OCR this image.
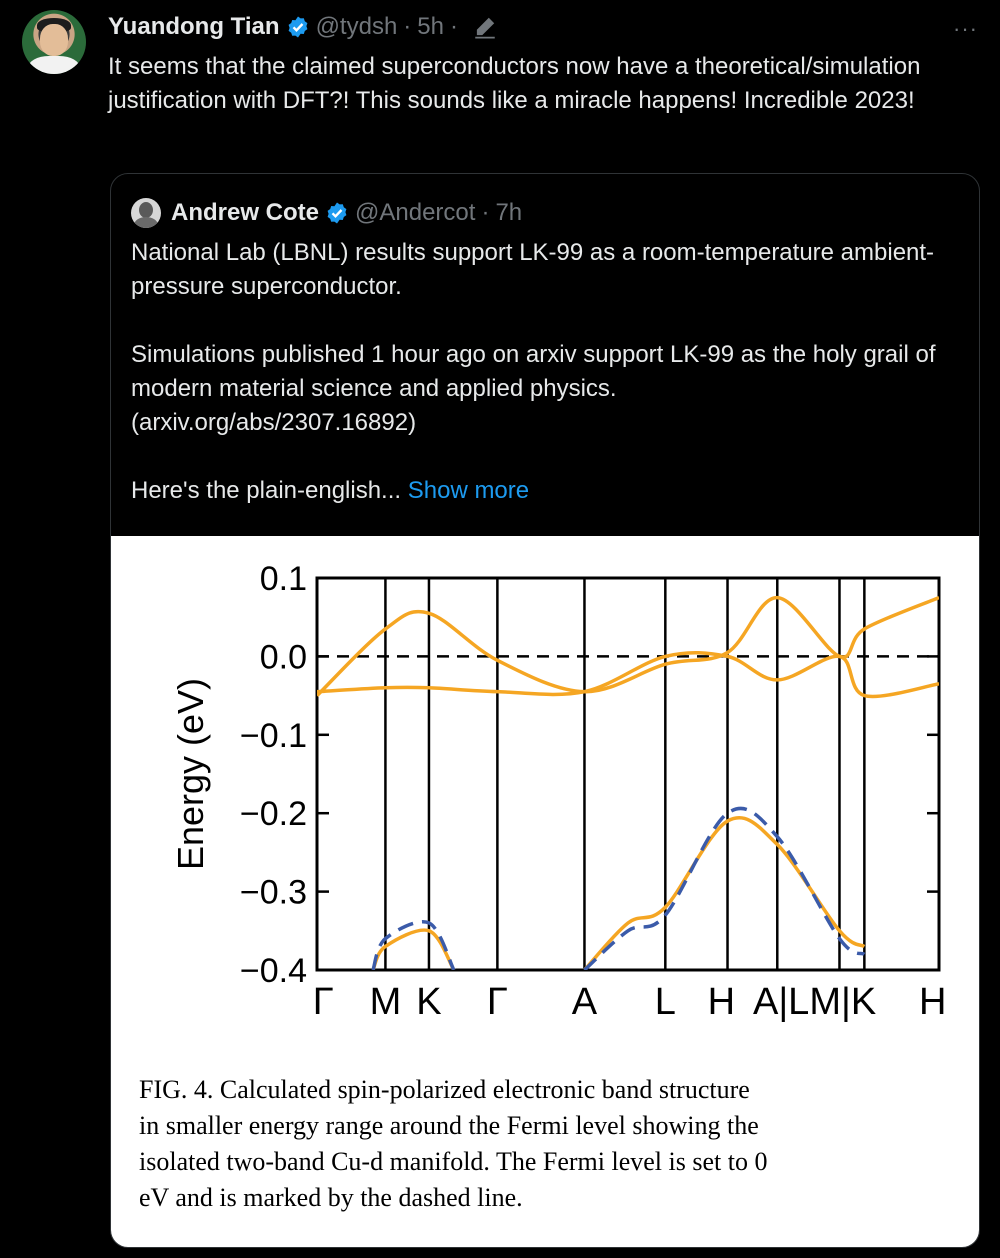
Yuandong Tian @tydsh · 5h ·	···
It seems that the claimed superconductors now have a theoretical/simulation justification with DFT?! This sounds like a miracle happens! Incredible 2023!
Andrew Cote @Andercot · 7h
National Lab (LBNL) results support LK-99 as a room-temperature ambient-pressure superconductor.

Simulations published 1 hour ago on arxiv support LK-99 as the holy grail of modern material science and applied physics.
(arxiv.org/abs/2307.16892)

Here's the plain-english... Show more
0.1
0.0
−0.1
−0.2
−0.3
−0.4
Energy (eV)
Γ M K Γ A L H A|LM|K H
FIG. 4. Calculated spin-polarized electronic band structure
in smaller energy range around the Fermi level showing the
isolated two-band Cu-d manifold. The Fermi level is set to 0
eV and is marked by the dashed line.
